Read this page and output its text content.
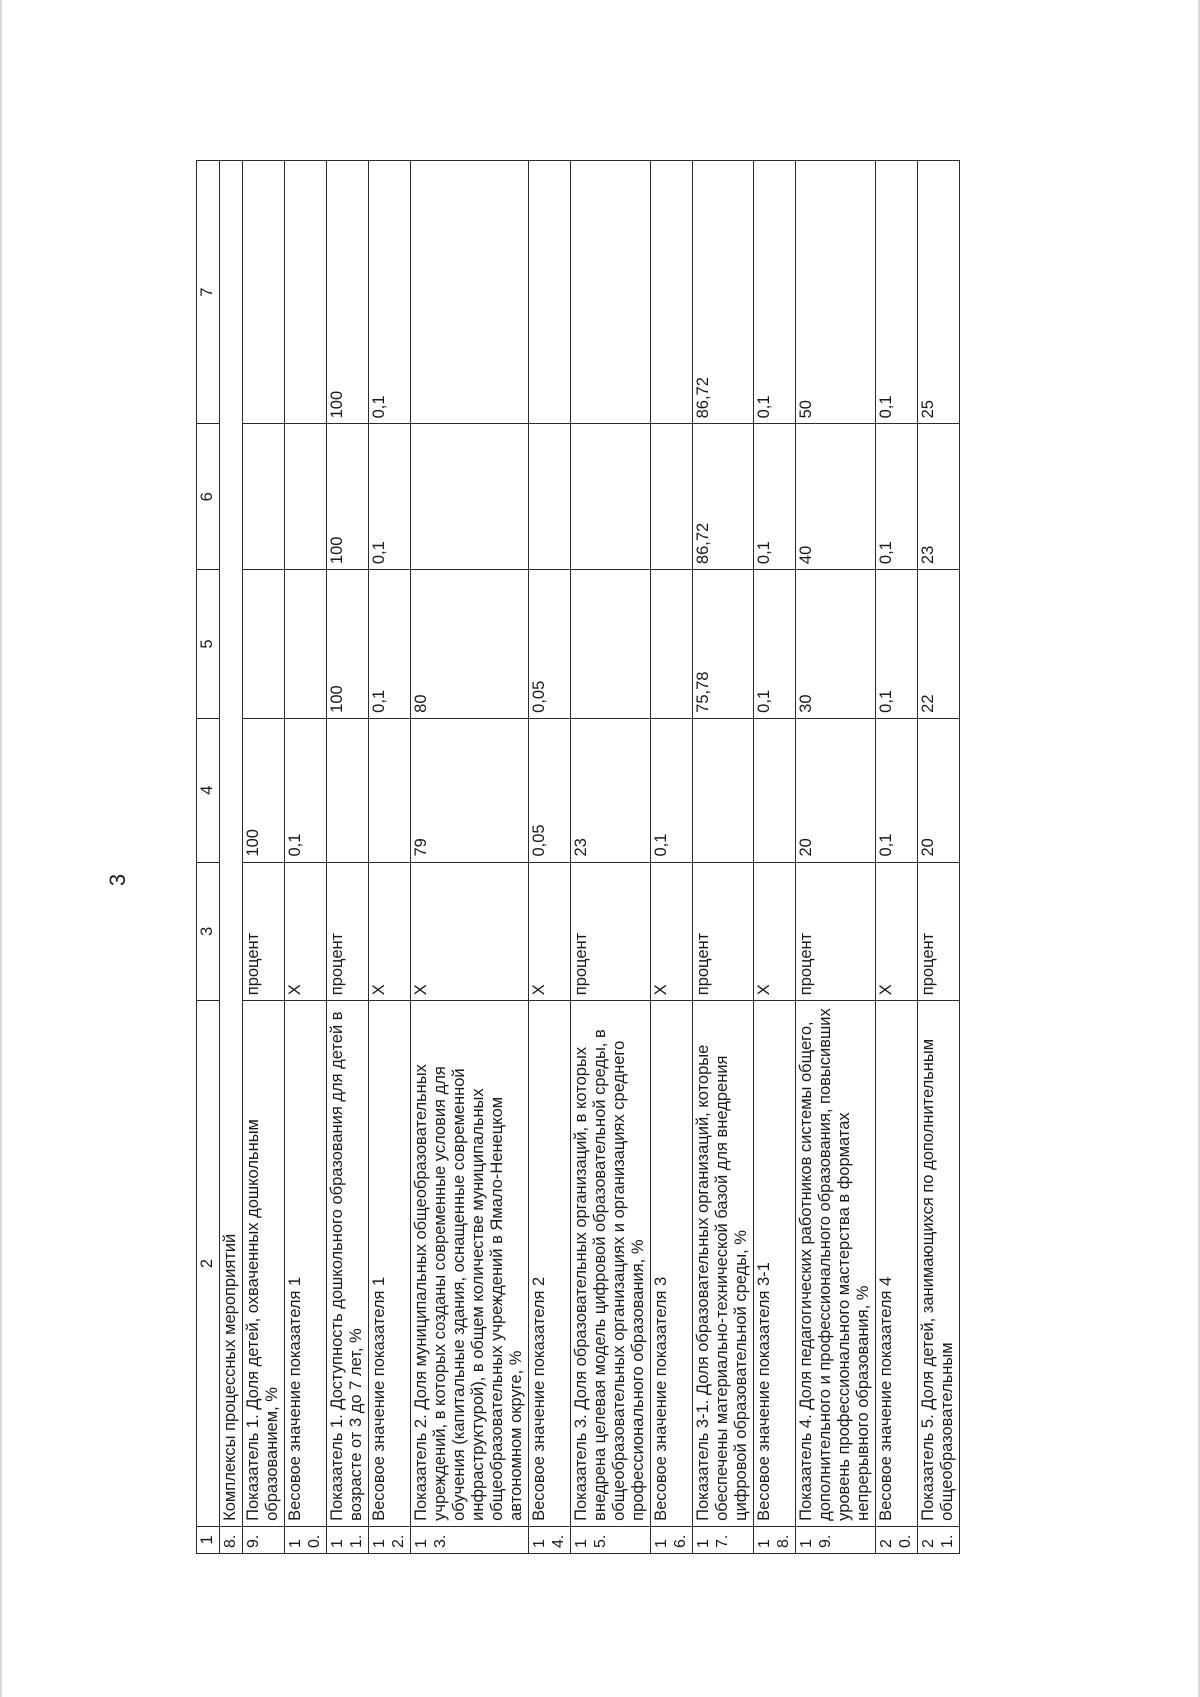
3
1	2	3	4	5	6	7
8.	Комплексы процессных мероприятий					
9.	Показатель 1. Доля детей, охваченных дошкольным образованием, %	процент	100			
10.	Весовое значение показателя 1	Х	0,1			
11.	Показатель 1. Доступность дошкольного образования для детей в возрасте от 3 до 7 лет, %	процент		100	100	100
12.	Весовое значение показателя 1	Х		0,1	0,1	0,1
13.	Показатель 2. Доля муниципальных общеобразовательных учреждений, в которых созданы современные условия для обучения (капитальные здания, оснащенные современной инфраструктурой), в общем количестве муниципальных общеобразовательных учреждений в Ямало-Ненецком автономном округе, %	Х	79	80		
14.	Весовое значение показателя 2	Х	0,05	0,05		
15.	Показатель 3. Доля образовательных организаций, в которых внедрена целевая модель цифровой образовательной среды, в общеобразовательных организациях и организациях среднего профессионального образования, %	процент	23			
16.	Весовое значение показателя 3	Х	0,1			
17.	Показатель 3-1. Доля образовательных организаций, которые обеспечены материально-технической базой для внедрения цифровой образовательной среды, %	процент		75,78	86,72	86,72
18.	Весовое значение показателя 3-1	Х		0,1	0,1	0,1
19.	Показатель 4. Доля педагогических работников системы общего, дополнительного и профессионального образования, повысивших уровень профессионального мастерства в форматах непрерывного образования, %	процент	20	30	40	50
20.	Весовое значение показателя 4	Х	0,1	0,1	0,1	0,1
21.	Показатель 5. Доля детей, занимающихся по дополнительным общеобразовательным	процент	20	22	23	25
